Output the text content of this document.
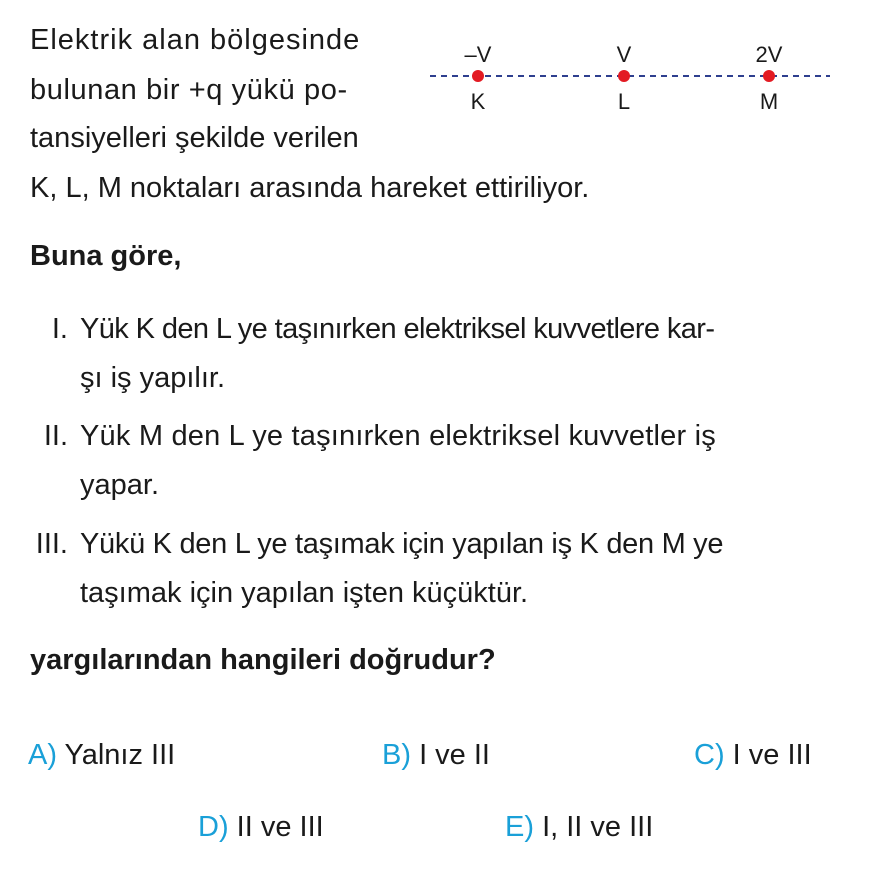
Elektrik alan bölgesinde
bulunan bir +q yükü po-
tansiyelleri şekilde verilen
K, L, M noktaları arasında hareket ettiriliyor.
–V	V	2V
K	L	M
Buna göre,
I. Yük K den L ye taşınırken elektriksel kuvvetlere kar-
şı iş yapılır.
II. Yük M den L ye taşınırken elektriksel kuvvetler iş
yapar.
III. Yükü K den L ye taşımak için yapılan iş K den M ye
taşımak için yapılan işten küçüktür.
yargılarından hangileri doğrudur?
A) Yalnız III	B) I ve II	C) I ve III
D) II ve III	E) I, II ve III
